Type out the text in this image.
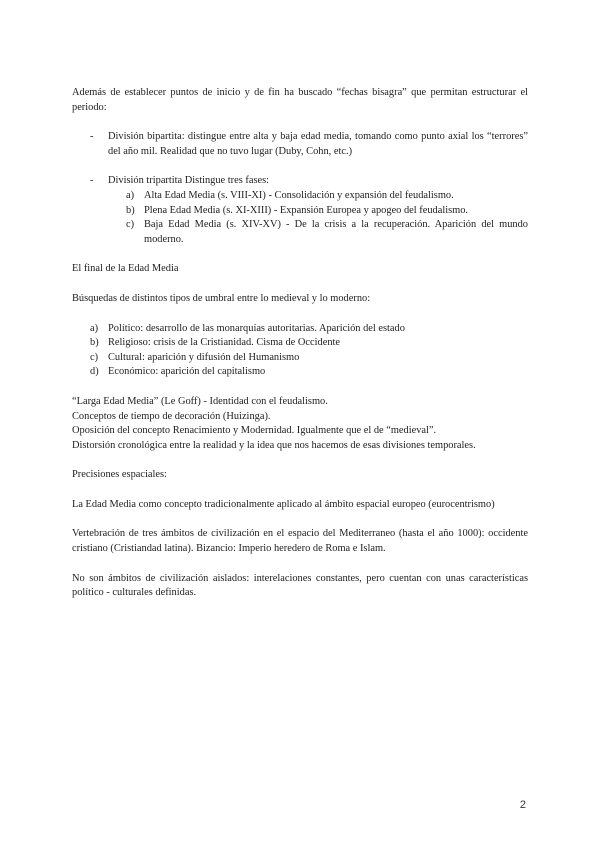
Además de establecer puntos de inicio y de fin ha buscado “fechas bisagra” que permitan estructurar el periodo:

- División bipartita: distingue entre alta y baja edad media, tomando como punto axial los “terrores” del año mil. Realidad que no tuvo lugar (Duby, Cohn, etc.)
- División tripartita Distingue tres fases:
a) Alta Edad Media (s. VIII-XI) - Consolidación y expansión del feudalismo.
b) Plena Edad Media (s. XI-XIII) - Expansión Europea y apogeo del feudalismo.
c) Baja Edad Media (s. XIV-XV) - De la crisis a la recuperación. Aparición del mundo moderno.

El final de la Edad Media

Búsquedas de distintos tipos de umbral entre lo medieval y lo moderno:

a) Político: desarrollo de las monarquías autoritarias. Aparición del estado
b) Religioso: crisis de la Cristianidad. Cisma de Occidente
c) Cultural: aparición y difusión del Humanismo
d) Económico: aparición del capitalismo

“Larga Edad Media” (Le Goff) - Identidad con el feudalismo.

Conceptos de tiempo de decoración (Huizinga).

Oposición del concepto Renacimiento y Modernidad. Igualmente que el de “medieval”.

Distorsión cronológica entre la realidad y la idea que nos hacemos de esas divisiones temporales.

Precisiones espaciales:

La Edad Media como concepto tradicionalmente aplicado al ámbito espacial europeo (eurocentrismo)

Vertebración de tres ámbitos de civilización en el espacio del Mediterraneo (hasta el año 1000): occidente cristiano (Cristiandad latina). Bizancio: Imperio heredero de Roma e Islam.

No son ámbitos de civilización aislados: interelaciones constantes, pero cuentan con unas características político - culturales definidas.

2
